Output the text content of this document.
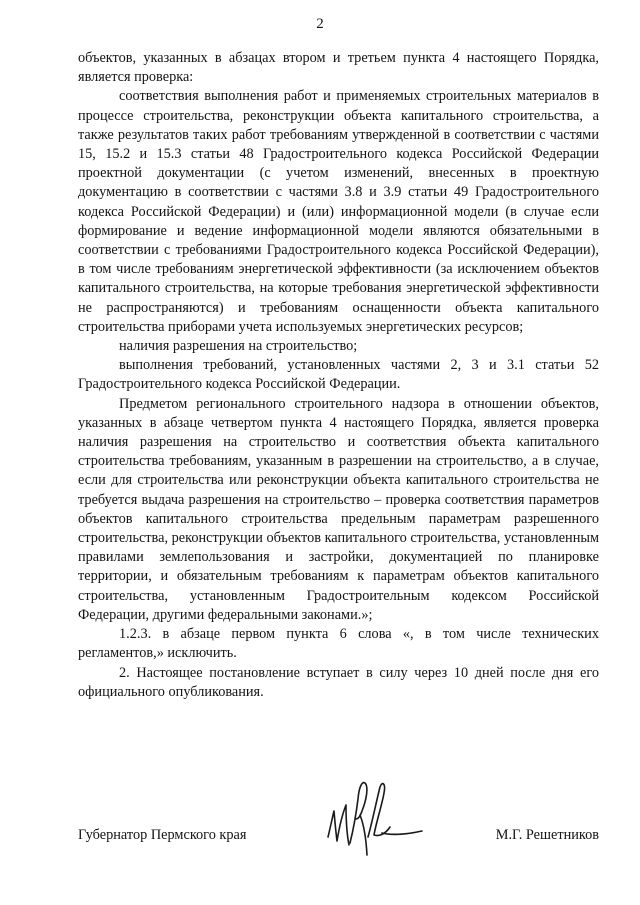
2

объектов, указанных в абзацах втором и третьем пункта 4 настоящего Порядка, является проверка:

соответствия выполнения работ и применяемых строительных материалов в процессе строительства, реконструкции объекта капитального строительства, а также результатов таких работ требованиям утвержденной в соответствии с частями 15, 15.2 и 15.3 статьи 48 Градостроительного кодекса Российской Федерации проектной документации (с учетом изменений, внесенных в проектную документацию в соответствии с частями 3.8 и 3.9 статьи 49 Градостроительного кодекса Российской Федерации) и (или) информационной модели (в случае если формирование и ведение информационной модели являются обязательными в соответствии с требованиями Градостроительного кодекса Российской Федерации), в том числе требованиям энергетической эффективности (за исключением объектов капитального строительства, на которые требования энергетической эффективности не распространяются) и требованиям оснащенности объекта капитального строительства приборами учета используемых энергетических ресурсов;

наличия разрешения на строительство;

выполнения требований, установленных частями 2, 3 и 3.1 статьи 52 Градостроительного кодекса Российской Федерации.

Предметом регионального строительного надзора в отношении объектов, указанных в абзаце четвертом пункта 4 настоящего Порядка, является проверка наличия разрешения на строительство и соответствия объекта капитального строительства требованиям, указанным в разрешении на строительство, а в случае, если для строительства или реконструкции объекта капитального строительства не требуется выдача разрешения на строительство – проверка соответствия параметров объектов капитального строительства предельным параметрам разрешенного строительства, реконструкции объектов капитального строительства, установленным правилами землепользования и застройки, документацией по планировке территории, и обязательным требованиям к параметрам объектов капитального строительства, установленным Градостроительным кодексом Российской Федерации, другими федеральными законами.»;

1.2.3. в абзаце первом пункта 6 слова «, в том числе технических регламентов,» исключить.

2. Настоящее постановление вступает в силу через 10 дней после дня его официального опубликования.

Губернатор Пермского края	М.Г. Решетников
